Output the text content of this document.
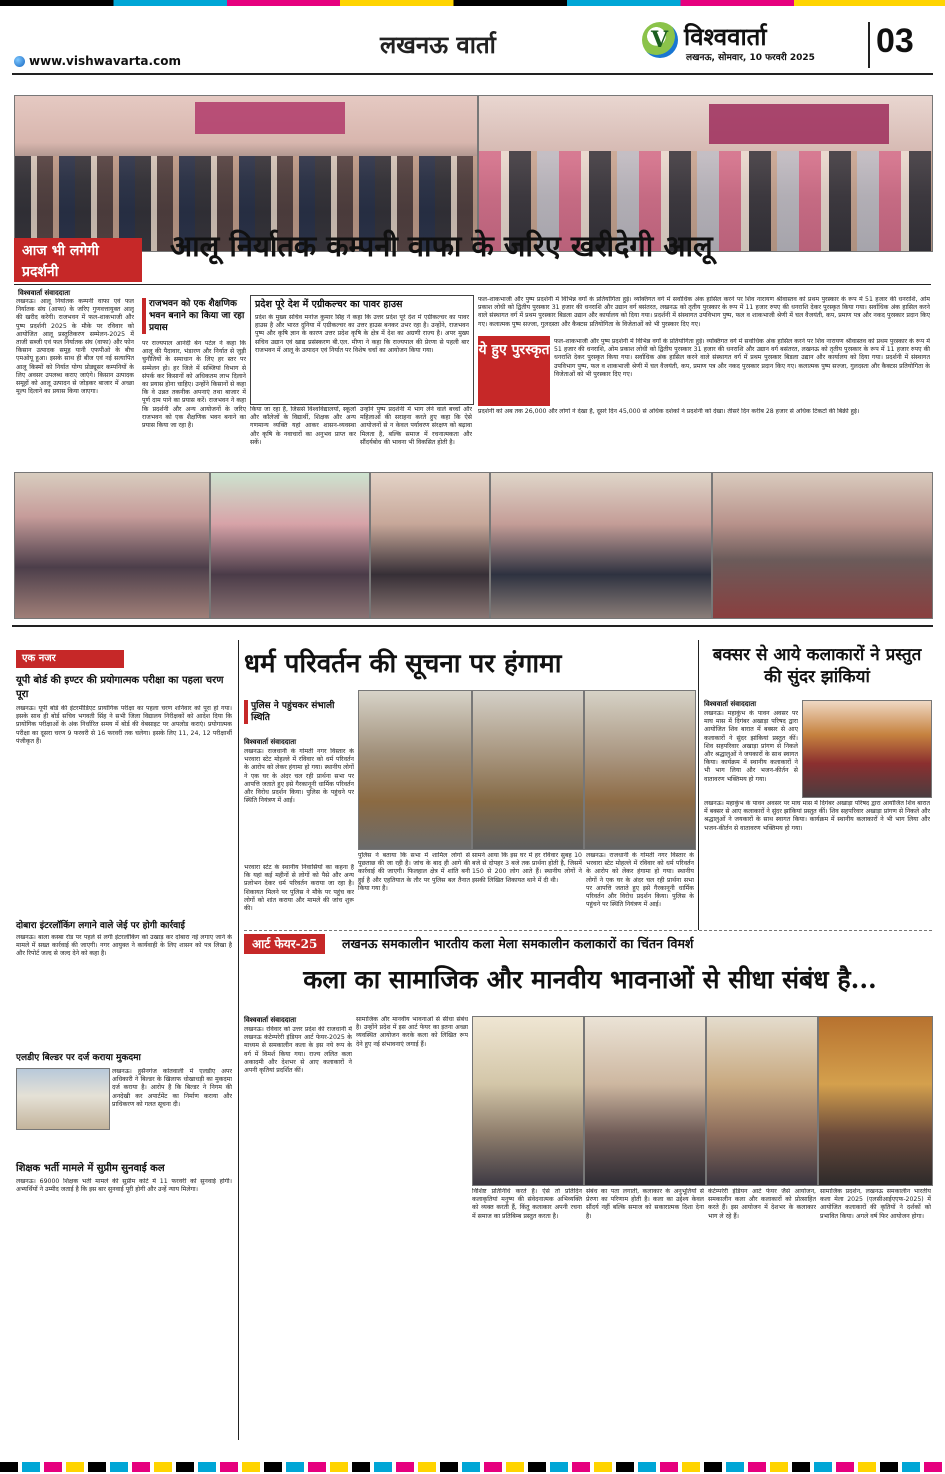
लखनऊ वार्ता
www.vishwavarta.com
V विश्ववार्ता
लखनऊ, सोमवार, 10 फरवरी 2025 03
आज भी लगेगी प्रदर्शनी
आलू निर्यातक कम्पनी वाफा के जरिए खरीदेगी आलू
विश्ववार्ता संवाददाता
लखनऊ। आलू निर्यातक कम्पनी वाफा एवं फल निर्यातक संघ (आफा) के जरिए गुणवत्तायुक्त आलू की खरीद करेगी। राजभवन में फल-शाकभाजी और पुष्प प्रदर्शनी 2025 के मौके पर रविवार को आयोजित आलू प्रस्तुतिकरण सम्मेलन-2025 में ताजी सब्जी एवं फल निर्यातक संघ (वाफा) और फोन किसान उत्पादक समूह यानी एफपीओ के बीच एमओयू हुआ। इसके साथ ही बीज एवं नई सत्यापित आलू किस्मों को निर्यात योग्य प्रोड्यूसर कम्पनियों के लिए अवसर उपलब्ध कराए जाएंगे। किसान उत्पादक समूहों को आलू उत्पादन से जोड़कर बाजार में अच्छा मूल्य दिलाने का प्रयास किया जाएगा।
राजभवन को एक शैक्षणिक भवन बनाने का किया जा रहा प्रयास
पर राज्यपाल आनंदी बेन पटेल ने कहा कि आलू की पैदावार, भंडारण और निर्यात से जुड़ी चुनौतियों के समाधान के लिए हर स्तर पर सम्मेलन हो। हर जिले में सब्जियां विभाग से संपर्क कर किसानों को अधिकतम लाभ दिलाने का प्रयास होना चाहिए। उन्होंने किसानों से कहा कि वे उन्नत तकनीक अपनाएं तथा बाजार में पूर्ण दाम पाने का प्रयास करें। राजभवन ने कहा कि प्रदर्शनी और अन्य आयोजनों के जरिए राजभवन को एक शैक्षणिक भवन बनाने का प्रयास किया जा रहा है।
प्रदेश पूरे देश में एग्रीकल्चर का पावर हाउस
प्रदेश के मुख्य सचिव मनोज कुमार सिंह ने कहा कि उत्तर प्रदेश पूरे देश में एग्रीकल्चर का पावर हाउस है और भारत दुनिया में एग्रीकल्चर का उत्तर हाउस बनकर उभर रहा है। उन्होंने, राजभवन पुष्प और कृषि ज्ञान के कारण उत्तर प्रदेश कृषि के क्षेत्र में देश का अग्रणी राज्य है। अपर मुख्य सचिव उद्यान एवं खाद्य प्रसंस्करण बी.एल. मीणा ने कहा कि राज्यपाल की प्रेरणा से पहली बार राजभवन में आलू के उत्पादन एवं निर्यात पर विशेष चर्चा का आयोजन किया गया।
किया जा रहा है, जिससे विश्वविद्यालयों, स्कूलों और कॉलेजों के विद्यार्थी, शिक्षक और अन्य गणमान्य व्यक्ति यहां आकर शासन-व्यवस्था और कृषि के नवाचारों का अनुभव प्राप्त कर सकें।
उन्होंने पुष्प प्रदर्शनी में भाग लेने वाले बच्चों और महिलाओं की सराहना करते हुए कहा कि ऐसे आयोजनों से न केवल पर्यावरण संरक्षण को बढ़ावा मिलता है, बल्कि समाज में रचनात्मकता और सौंदर्यबोध की भावना भी विकसित होती है।
ये हुए पुरस्कृत
फल-शाकभाजी और पुष्प प्रदर्शनी में विभिन्न वर्गों के प्रतियोगिता हुई। व्यक्तिगत वर्ग में सर्वाधिक अंक हासिल करने पर शिव नारायण श्रीवास्तव को प्रथम पुरस्कार के रूप में 51 हजार की धनराशि, ओम प्रकाश लोधी को द्वितीय पुरस्कार 31 हजार की धनराशि और उद्यान वर्ग बसंतरत, लखनऊ को तृतीय पुरस्कार के रूप में 11 हजार रुपए की धनराशि देकर पुरस्कृत किया गया। सर्वाधिक अंक हासिल करने वाले संस्थागत वर्ग में प्रथम पुरस्कार बिडला उद्यान और कार्यालय को दिया गया। प्रदर्शनी में संस्थागत उपविभाग पुष्प, फल व शाकभाजी श्रेणी में चल वैजयंती, कप, प्रमाण पत्र और नकद पुरस्कार प्रदान किए गए। कलात्मक पुष्प सज्जा, गुलदस्ता और कैक्टस प्रतियोगिता के विजेताओं को भी पुरस्कार दिए गए।
फल-शाकभाजी और पुष्प प्रदर्शनी में विभिन्न वर्गों के प्रतियोगिता हुई। व्यक्तिगत वर्ग में सर्वाधिक अंक हासिल करने पर शिव नारायण श्रीवास्तव को प्रथम पुरस्कार के रूप में 51 हजार की धनराशि, ओम प्रकाश लोधी को द्वितीय पुरस्कार 31 हजार की धनराशि और उद्यान वर्ग बसंतरत, लखनऊ को तृतीय पुरस्कार के रूप में 11 हजार रुपए की धनराशि देकर पुरस्कृत किया गया। सर्वाधिक अंक हासिल करने वाले संस्थागत वर्ग में प्रथम पुरस्कार बिडला उद्यान और कार्यालय को दिया गया। प्रदर्शनी में संस्थागत उपविभाग पुष्प, फल व शाकभाजी श्रेणी में चल वैजयंती, कप, प्रमाण पत्र और नकद पुरस्कार प्रदान किए गए। कलात्मक पुष्प सज्जा, गुलदस्ता और कैक्टस प्रतियोगिता के विजेताओं को भी पुरस्कार दिए गए।
प्रदर्शनी को अब तक 26,000 और लोगों ने देखा है, दूसरे दिन 45,000 से अधिक दर्शकों ने प्रदर्शनी को देखा। तीसरे दिन करीब 28 हजार से अधिक टिकटों की बिक्री हुई।
एक नजर
यूपी बोर्ड की इण्टर की प्रयोगात्मक परीक्षा का पहला चरण पूरा
लखनऊ। यूपी बोर्ड की इंटरमीडिएट प्रायोगिक परीक्षा का पहला चरण शनिवार को पूरा हो गया। इसके साथ ही बोर्ड सचिव भगवती सिंह ने सभी जिला विद्यालय निरीक्षकों को आदेश दिया कि प्रायोगिक परीक्षाओं के अंक निर्धारित समय में बोर्ड की वेबसाइट पर अपलोड कराएं। प्रयोगात्मक परीक्षा का दूसरा चरण 9 फरवरी से 16 फरवरी तक चलेगा। इसके लिए 11, 24, 12 परीक्षार्थी पंजीकृत हैं।
दोबारा इंटरलॉकिंग लगाने वाले जेई पर होगी कार्रवाई
लखनऊ। बाला कस्बा रोड पर पहले से लगी इंटरलॉकिंग को उखाड़ कर दोबारा नई लगाए जाने के मामले में सख्त कार्रवाई की जाएगी। नगर आयुक्त ने कार्यवाही के लिए शासन को पत्र लिखा है और रिपोर्ट जल्द से जल्द देने को कहा है।
एलडीए बिल्डर पर दर्ज कराया मुकदमा
लखनऊ। हुसैनगंज कोतवाली में एलडीए अपर अधिकारी ने बिल्डर के खिलाफ धोखाधड़ी का मुकदमा दर्ज कराया है। आरोप है कि बिल्डर ने निगम की अनदेखी कर अपार्टमेंट का निर्माण कराया और प्राधिकरण को गलत सूचना दी।
शिक्षक भर्ती मामले में सुप्रीम सुनवाई कल
लखनऊ। 69000 शिक्षक भर्ती मामले की सुप्रीम कोर्ट में 11 फरवरी को सुनवाई होगी। अभ्यर्थियों ने उम्मीद जताई है कि इस बार सुनवाई पूरी होगी और उन्हें न्याय मिलेगा।
धर्म परिवर्तन की सूचना पर हंगामा
पुलिस ने पहुंचकर संभाली स्थिति
विश्ववार्ता संवाददाता
लखनऊ। राजधानी के गोमती नगर विस्तार के भरवारा स्टेट मोहल्ले में रविवार को धर्म परिवर्तन के आरोप को लेकर हंगामा हो गया। स्थानीय लोगों ने एक घर के अंदर चल रही प्रार्थना सभा पर आपत्ति जताते हुए इसे गैरकानूनी धार्मिक परिवर्तन और विरोध प्रदर्शन किया। पुलिस के पहुंचने पर स्थिति नियंत्रण में आई।
भरवारा स्टेट के स्थानीय निवासियों का कहना है कि यहां कई महीनों से लोगों को पैसे और अन्य प्रलोभन देकर धर्म परिवर्तन कराया जा रहा है। शिकायत मिलने पर पुलिस ने मौके पर पहुंच कर लोगों को शांत कराया और मामले की जांच शुरू की।
पुलिस ने बताया कि सभा में शामिल लोगों से पूछताछ की जा रही है। जांच के बाद ही आगे की कार्रवाई की जाएगी। फिलहाल क्षेत्र में शांति बनी हुई है और एहतियात के तौर पर पुलिस बल तैनात किया गया है।
सामने आया कि इस घर में हर रविवार सुबह 10 बजे से दोपहर 3 बजे तक प्रार्थना होती है, जिसमें 150 से 200 लोग आते हैं। स्थानीय लोगों ने इसकी लिखित शिकायत थाने में दी थी।
लखनऊ। राजधानी के गोमती नगर विस्तार के भरवारा स्टेट मोहल्ले में रविवार को धर्म परिवर्तन के आरोप को लेकर हंगामा हो गया। स्थानीय लोगों ने एक घर के अंदर चल रही प्रार्थना सभा पर आपत्ति जताते हुए इसे गैरकानूनी धार्मिक परिवर्तन और विरोध प्रदर्शन किया। पुलिस के पहुंचने पर स्थिति नियंत्रण में आई।
बक्सर से आये कलाकारों ने प्रस्तुत की सुंदर झांकियां
विश्ववार्ता संवाददाता
लखनऊ। महाकुंभ के पावन अवसर पर माघ मास में दिगंबर अखाड़ा परिषद द्वारा आयोजित शिव बारात में बक्सर से आए कलाकारों ने सुंदर झांकियां प्रस्तुत कीं। शिव सहपरिवार अखाड़ा प्रांगण से निकले और श्रद्धालुओं ने जयकारों के साथ स्वागत किया। कार्यक्रम में स्थानीय कलाकारों ने भी भाग लिया और भजन-कीर्तन से वातावरण भक्तिमय हो गया।
लखनऊ। महाकुंभ के पावन अवसर पर माघ मास में दिगंबर अखाड़ा परिषद द्वारा आयोजित शिव बारात में बक्सर से आए कलाकारों ने सुंदर झांकियां प्रस्तुत कीं। शिव सहपरिवार अखाड़ा प्रांगण से निकले और श्रद्धालुओं ने जयकारों के साथ स्वागत किया। कार्यक्रम में स्थानीय कलाकारों ने भी भाग लिया और भजन-कीर्तन से वातावरण भक्तिमय हो गया।
आर्ट फेयर-25	लखनऊ समकालीन भारतीय कला मेला समकालीन कलाकारों का चिंतन विमर्श
कला का सामाजिक और मानवीय भावनाओं से सीधा संबंध है...
विश्ववार्ता संवाददाता
लखनऊ। रविवार को उत्तर प्रदेश की राजधानी में लखनऊ कंटेम्परेरी इंडियन आर्ट फेयर-2025 के माध्यम से समकालीन कला के इस नये रूप के वर्ग में विमर्श किया गया। राज्य ललित कला अकादमी और देशभर से आए कलाकारों ने अपनी कृतियां प्रदर्शित कीं।
सामाजिक और मानवीय भावनाओं से सीधा संबंध है। उन्होंने प्रदेश में इस आर्ट फेयर का इतना अच्छा व्यवस्थित आयोजन करके कला को लिखित रूप देने हुए नई संभावनाएं जगाई हैं।
विशिष्ट प्रतिनिधि करते हैं। ऐसे तो प्रतिदिन कलाकृतियां मनुष्य की संवेदनात्मक अभिव्यक्ति को व्यक्त करती हैं, किंतु कलाकार अपनी रचना में समाज का प्रतिबिम्ब प्रस्तुत करता है।
संबंध का पता लगाती, कलाकार के अनुभूतियों से प्रेरणा का परिणाम होती है। कला का उद्देश्य केवल सौंदर्य नहीं बल्कि समाज को सकारात्मक दिशा देना है।
कंटेम्परेरी इंडियन आर्ट फेयर जैसे आयोजन, समकालीन कला और कलाकारों को प्रोत्साहित करते हैं। इस आयोजन में देशभर के कलाकार भाग ले रहे हैं।
सामाजिक प्रदर्शन, लखनऊ समकालीन भारतीय कला मेला 2025 (एलसीआईएएफ-2025) में आयोजित कलाकारों की कृतियों ने दर्शकों को प्रभावित किया। अगले वर्ष फिर आयोजन होगा।
